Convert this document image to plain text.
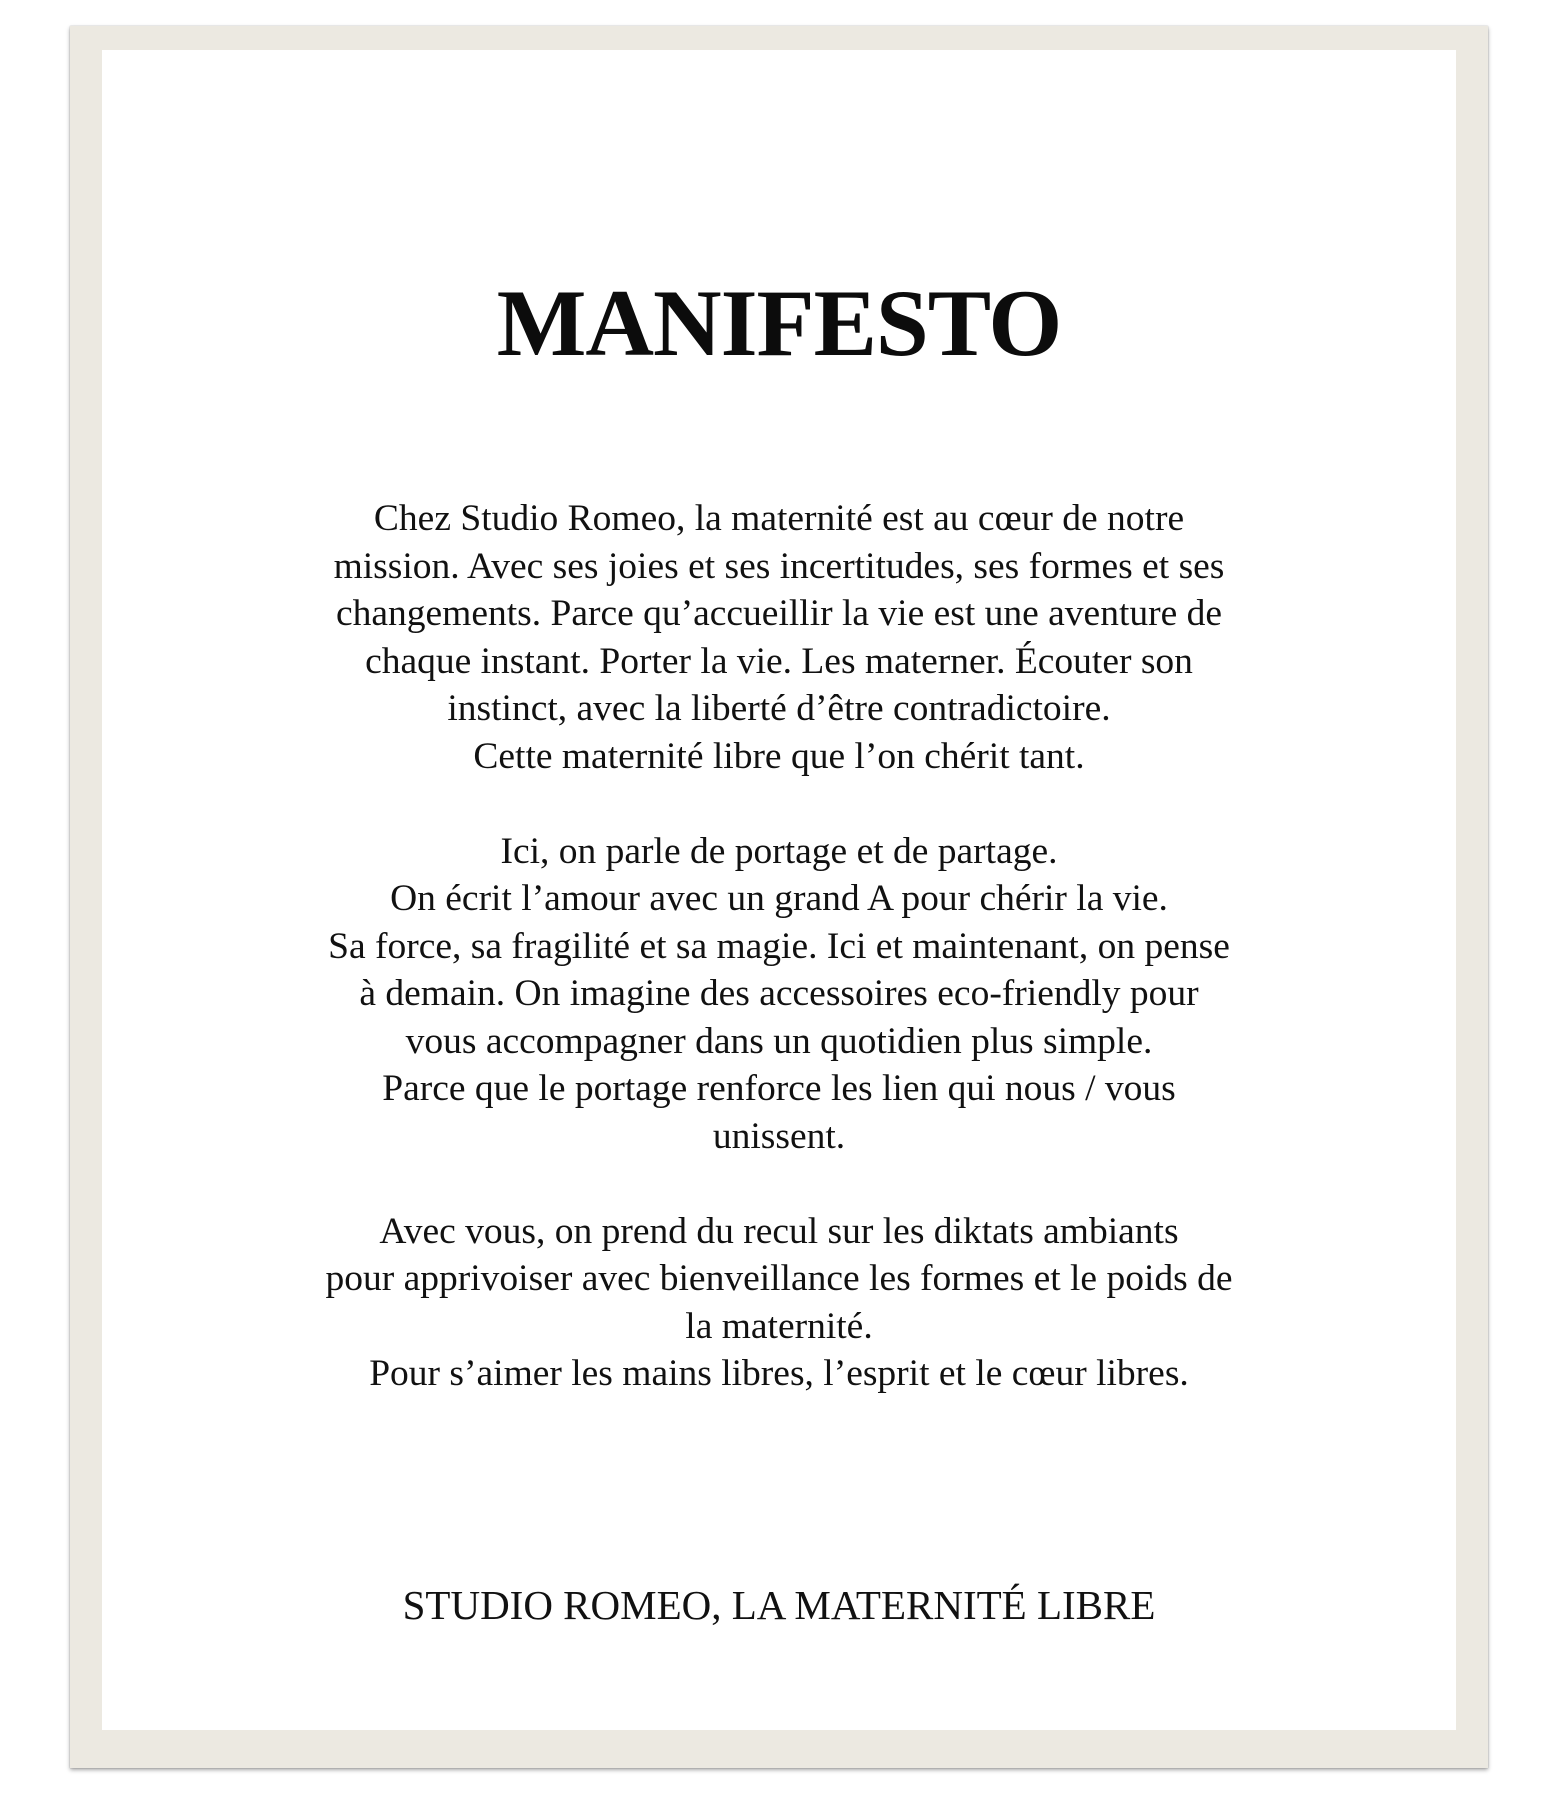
MANIFESTO
Chez Studio Romeo, la maternité est au cœur de notre
mission. Avec ses joies et ses incertitudes, ses formes et ses
changements. Parce qu’accueillir la vie est une aventure de
chaque instant. Porter la vie. Les materner. Écouter son
instinct, avec la liberté d’être contradictoire.
Cette maternité libre que l’on chérit tant.
Ici, on parle de portage et de partage.
On écrit l’amour avec un grand A pour chérir la vie.
Sa force, sa fragilité et sa magie. Ici et maintenant, on pense
à demain. On imagine des accessoires eco-friendly pour
vous accompagner dans un quotidien plus simple.
Parce que le portage renforce les lien qui nous / vous
unissent.
Avec vous, on prend du recul sur les diktats ambiants
pour apprivoiser avec bienveillance les formes et le poids de
la maternité.
Pour s’aimer les mains libres, l’esprit et le cœur libres.

STUDIO ROMEO, LA MATERNITÉ LIBRE
